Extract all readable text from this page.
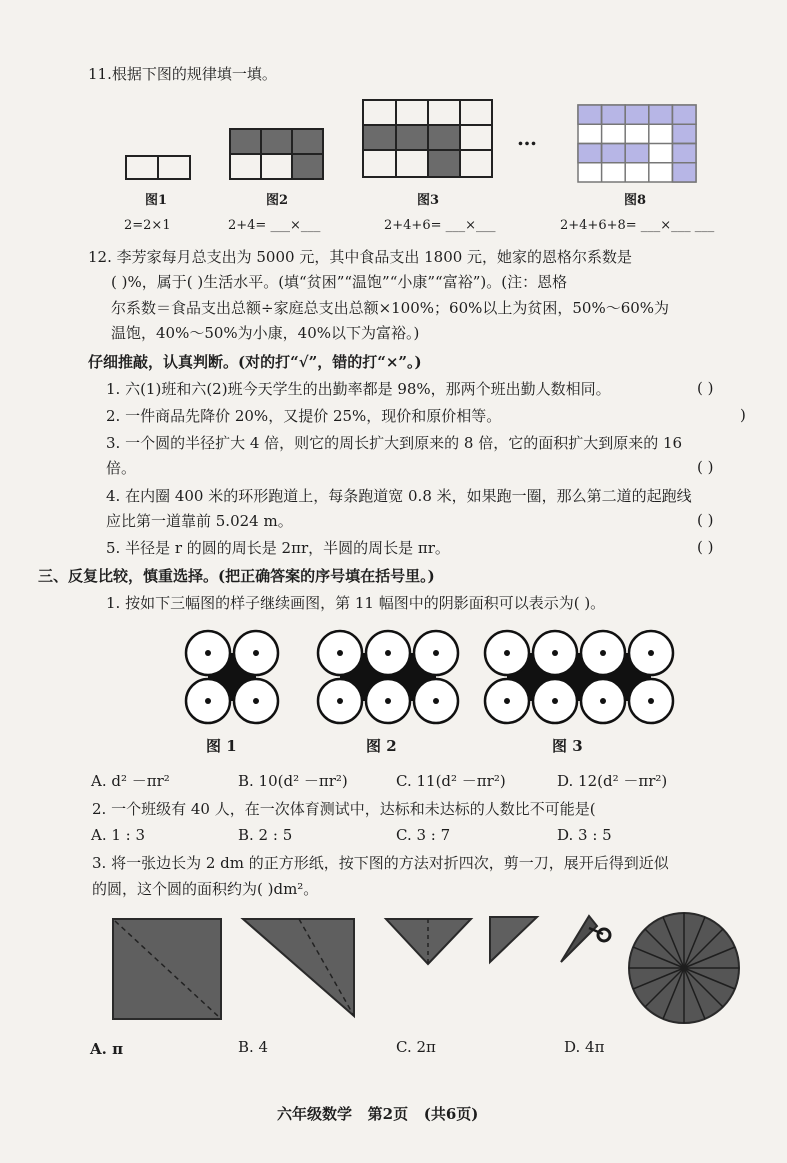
11.根据下图的规律填一填。
…
图1	图2	图3	图8
2=2×1	2+4= ___×___	2+4+6= ___×___	2+4+6+8= ___×___ ___
12. 李芳家每月总支出为 5000 元，其中食品支出 1800 元，她家的恩格尔系数是
( )%，属于( )生活水平。(填“贫困”“温饱”“小康”“富裕”)。(注：恩格
尔系数＝食品支出总额÷家庭总支出总额×100%；60%以上为贫困，50%～60%为
温饱，40%～50%为小康，40%以下为富裕。)
仔细推敲，认真判断。(对的打“√”，错的打“×”。)
1. 六(1)班和六(2)班今天学生的出勤率都是 98%，那两个班出勤人数相同。	( )
2. 一件商品先降价 20%，又提价 25%，现价和原价相等。	)
3. 一个圆的半径扩大 4 倍，则它的周长扩大到原来的 8 倍，它的面积扩大到原来的 16
倍。	( )
4. 在内圈 400 米的环形跑道上，每条跑道宽 0.8 米，如果跑一圈，那么第二道的起跑线
应比第一道靠前 5.024 m。	( )
5. 半径是 r 的圆的周长是 2πr，半圆的周长是 πr。	( )
三、反复比较，慎重选择。(把正确答案的序号填在括号里。)
1. 按如下三幅图的样子继续画图，第 11 幅图中的阴影面积可以表示为( )。
图 1	图 2	图 3
A. d² －πr²	B. 10(d² －πr²)	C. 11(d² －πr²)	D. 12(d² －πr²)
2. 一个班级有 40 人，在一次体育测试中，达标和未达标的人数比不可能是(
A. 1 : 3	B. 2 : 5	C. 3 : 7	D. 3 : 5
3. 将一张边长为 2 dm 的正方形纸，按下图的方法对折四次，剪一刀，展开后得到近似
的圆，这个圆的面积约为( )dm²。
A. π	B. 4	C. 2π	D. 4π
六年级数学   第2页   (共6页)
